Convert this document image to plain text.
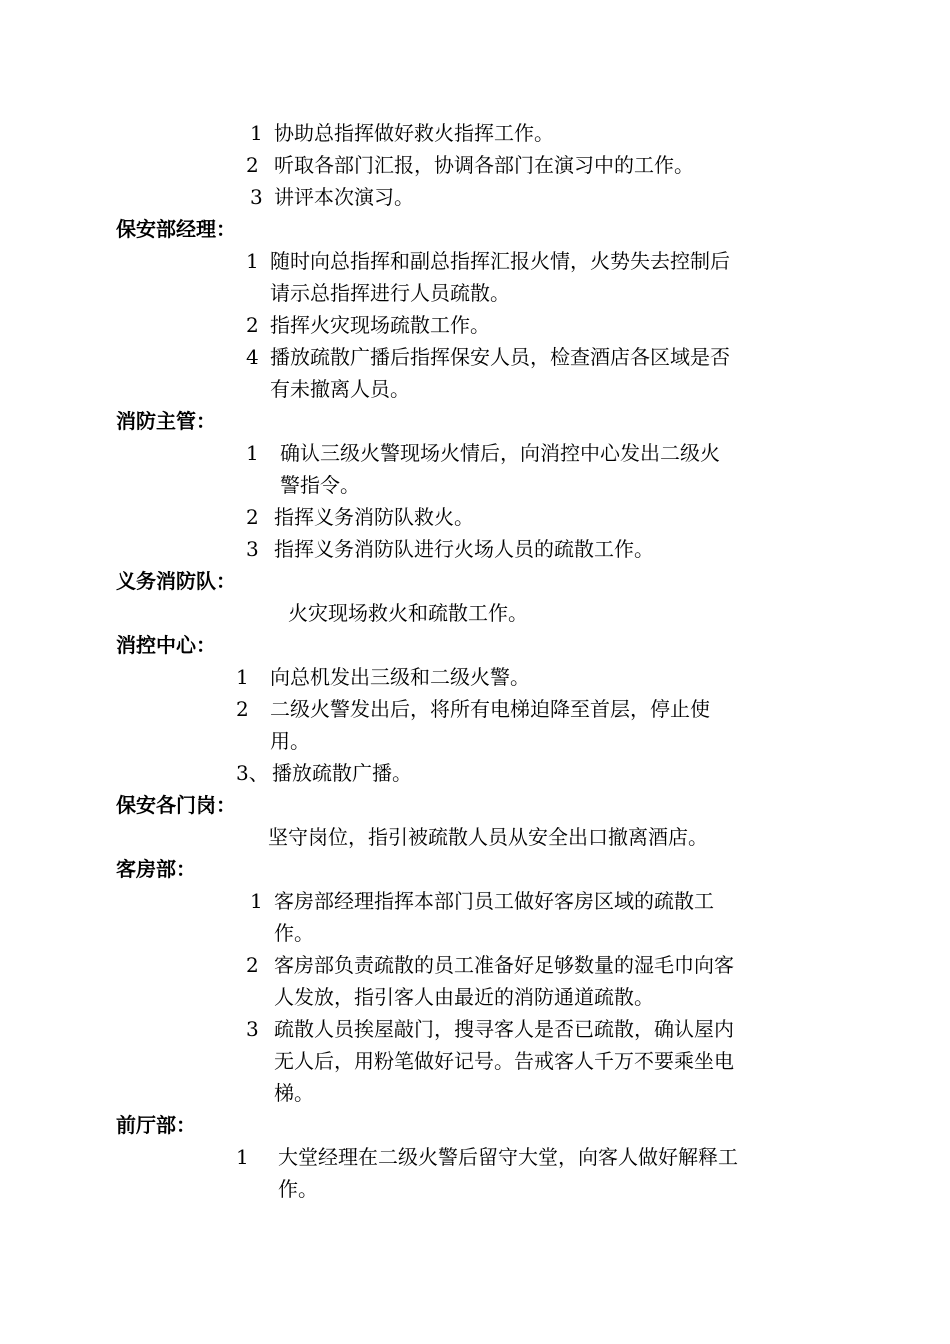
1 协助总指挥做好救火指挥工作。
2 听取各部门汇报，协调各部门在演习中的工作。
3 讲评本次演习。
保安部经理：
1 随时向总指挥和副总指挥汇报火情，火势失去控制后
请示总指挥进行人员疏散。
2 指挥火灾现场疏散工作。
4 播放疏散广播后指挥保安人员，检查酒店各区域是否
有未撤离人员。
消防主管：
1 确认三级火警现场火情后，向消控中心发出二级火
警指令。
2 指挥义务消防队救火。
3 指挥义务消防队进行火场人员的疏散工作。
义务消防队：
火灾现场救火和疏散工作。
消控中心：
1 向总机发出三级和二级火警。
2 二级火警发出后，将所有电梯迫降至首层，停止使
用。
3、 播放疏散广播。
保安各门岗：
坚守岗位，指引被疏散人员从安全出口撤离酒店。
客房部：
1 客房部经理指挥本部门员工做好客房区域的疏散工
作。
2 客房部负责疏散的员工准备好足够数量的湿毛巾向客
人发放，指引客人由最近的消防通道疏散。
3 疏散人员挨屋敲门，搜寻客人是否已疏散，确认屋内
无人后，用粉笔做好记号。告戒客人千万不要乘坐电
梯。
前厅部：
1 大堂经理在二级火警后留守大堂，向客人做好解释工
作。
